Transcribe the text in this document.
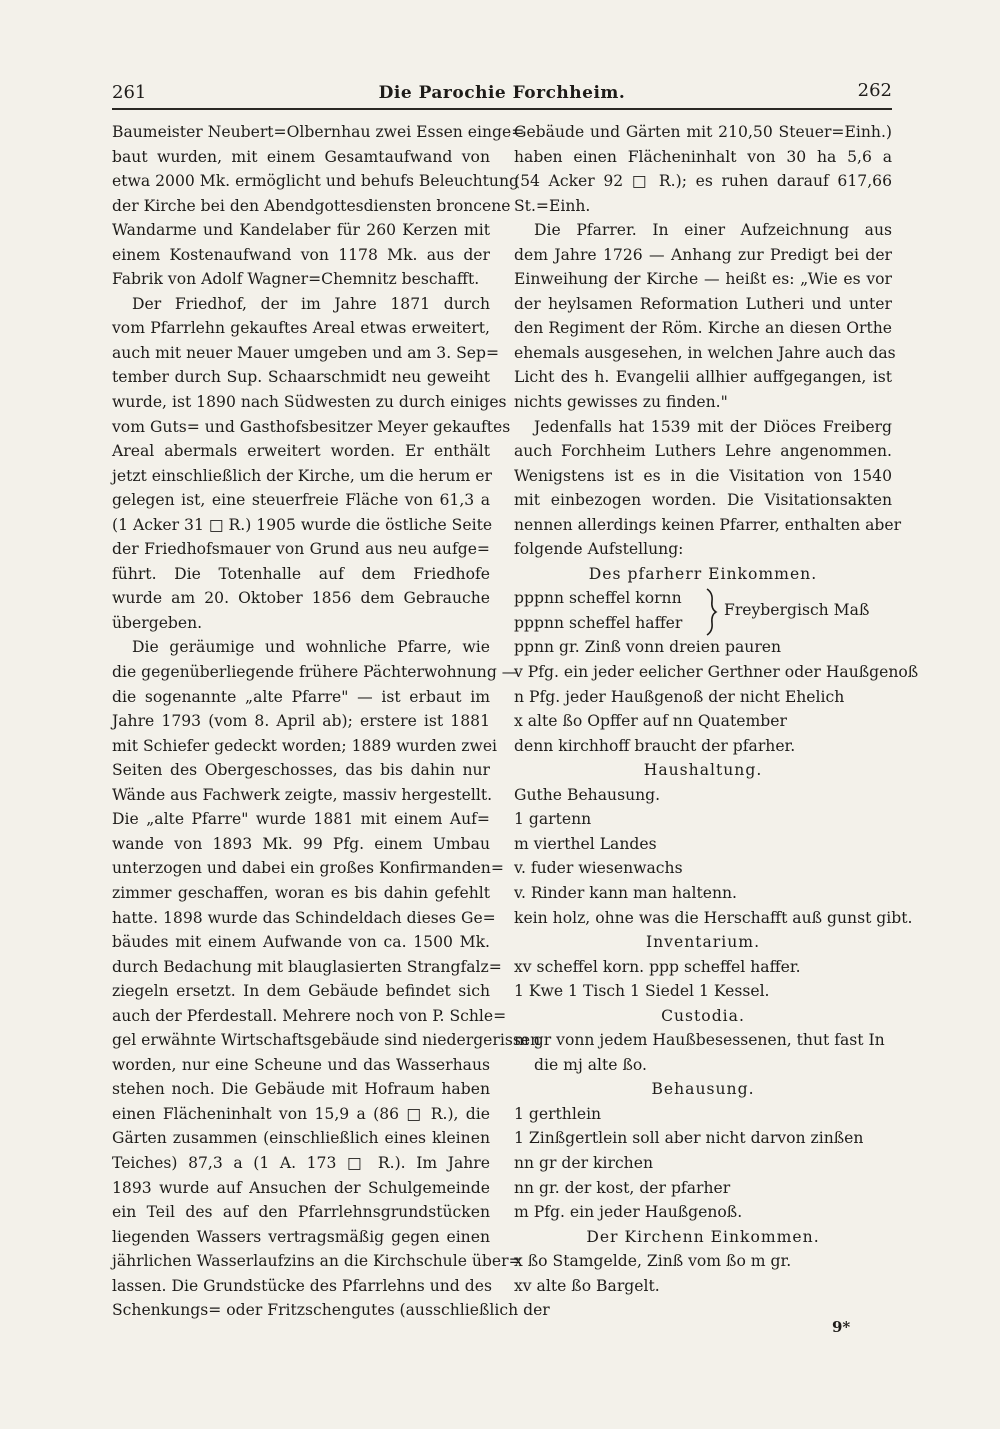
261	Die Parochie Forchheim.	262
Baumeister Neubert=Olbernhau zwei Essen einge=
baut wurden, mit einem Gesamtaufwand von
etwa 2000 Mk. ermöglicht und behufs Beleuchtung
der Kirche bei den Abendgottesdiensten broncene
Wandarme und Kandelaber für 260 Kerzen mit
einem Kostenaufwand von 1178 Mk. aus der
Fabrik von Adolf Wagner=Chemnitz beschafft.
Der Friedhof, der im Jahre 1871 durch
vom Pfarrlehn gekauftes Areal etwas erweitert,
auch mit neuer Mauer umgeben und am 3. Sep=
tember durch Sup. Schaarschmidt neu geweiht
wurde, ist 1890 nach Südwesten zu durch einiges
vom Guts= und Gasthofsbesitzer Meyer gekauftes
Areal abermals erweitert worden. Er enthält
jetzt einschließlich der Kirche, um die herum er
gelegen ist, eine steuerfreie Fläche von 61,3 a
(1 Acker 31 □ R.) 1905 wurde die östliche Seite
der Friedhofsmauer von Grund aus neu aufge=
führt. Die Totenhalle auf dem Friedhofe
wurde am 20. Oktober 1856 dem Gebrauche
übergeben.
Die geräumige und wohnliche Pfarre, wie
die gegenüberliegende frühere Pächterwohnung —
die sogenannte „alte Pfarre" — ist erbaut im
Jahre 1793 (vom 8. April ab); erstere ist 1881
mit Schiefer gedeckt worden; 1889 wurden zwei
Seiten des Obergeschosses, das bis dahin nur
Wände aus Fachwerk zeigte, massiv hergestellt.
Die „alte Pfarre" wurde 1881 mit einem Auf=
wande von 1893 Mk. 99 Pfg. einem Umbau
unterzogen und dabei ein großes Konfirmanden=
zimmer geschaffen, woran es bis dahin gefehlt
hatte. 1898 wurde das Schindeldach dieses Ge=
bäudes mit einem Aufwande von ca. 1500 Mk.
durch Bedachung mit blauglasierten Strangfalz=
ziegeln ersetzt. In dem Gebäude befindet sich
auch der Pferdestall. Mehrere noch von P. Schle=
gel erwähnte Wirtschaftsgebäude sind niedergerissen
worden, nur eine Scheune und das Wasserhaus
stehen noch. Die Gebäude mit Hofraum haben
einen Flächeninhalt von 15,9 a (86 □ R.), die
Gärten zusammen (einschließlich eines kleinen
Teiches) 87,3 a (1 A. 173 □ R.). Im Jahre
1893 wurde auf Ansuchen der Schulgemeinde
ein Teil des auf den Pfarrlehnsgrundstücken
liegenden Wassers vertragsmäßig gegen einen
jährlichen Wasserlaufzins an die Kirchschule über=
lassen. Die Grundstücke des Pfarrlehns und des
Schenkungs= oder Fritzschengutes (ausschließlich der
Gebäude und Gärten mit 210,50 Steuer=Einh.)
haben einen Flächeninhalt von 30 ha 5,6 a
(54 Acker 92 □ R.); es ruhen darauf 617,66
St.=Einh.
Die Pfarrer. In einer Aufzeichnung aus
dem Jahre 1726 — Anhang zur Predigt bei der
Einweihung der Kirche — heißt es: „Wie es vor
der heylsamen Reformation Lutheri und unter
den Regiment der Röm. Kirche an diesen Orthe
ehemals ausgesehen, in welchen Jahre auch das
Licht des h. Evangelii allhier auffgegangen, ist
nichts gewisses zu finden."
Jedenfalls hat 1539 mit der Diöces Freiberg
auch Forchheim Luthers Lehre angenommen.
Wenigstens ist es in die Visitation von 1540
mit einbezogen worden. Die Visitationsakten
nennen allerdings keinen Pfarrer, enthalten aber
folgende Aufstellung:
Des pfarherr Einkommen.
pppnn scheffel kornn
pppnn scheffel haffer
ppnn gr. Zinß vonn dreien pauren
v Pfg. ein jeder eelicher Gerthner oder Haußgenoß
n Pfg. jeder Haußgenoß der nicht Ehelich
x alte ßo Opffer auf nn Quatember
denn kirchhoff braucht der pfarher.
Haushaltung.
Guthe Behausung.
1 gartenn
m vierthel Landes
v. fuder wiesenwachs
v. Rinder kann man haltenn.
kein holz, ohne was die Herschafft auß gunst gibt.
Inventarium.
xv scheffel korn. ppp scheffel haffer.
1 Kwe 1 Tisch 1 Siedel 1 Kessel.
Custodia.
m gr vonn jedem Haußbesessenen, thut fast In
die mj alte ßo.
Behausung.
1 gerthlein
1 Zinßgertlein soll aber nicht darvon zinßen
nn gr der kirchen
nn gr. der kost, der pfarher
m Pfg. ein jeder Haußgenoß.
Der Kirchenn Einkommen.
x ßo Stamgelde, Zinß vom ßo m gr.
xv alte ßo Bargelt.
Freybergisch Maß
9*
